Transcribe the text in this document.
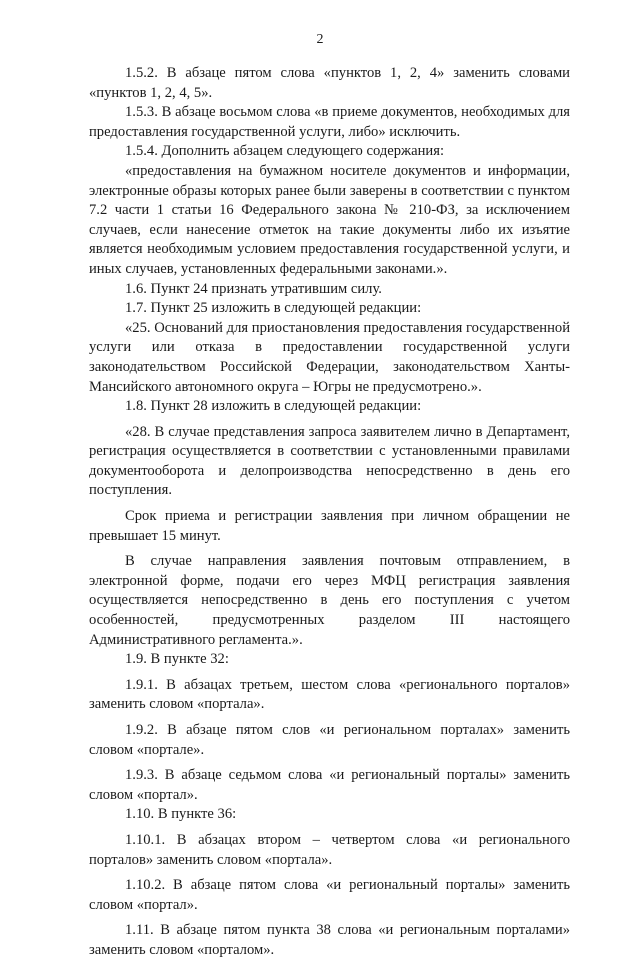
2

1.5.2. В абзаце пятом слова «пунктов 1, 2, 4» заменить словами «пунктов 1, 2, 4, 5».

1.5.3. В абзаце восьмом слова «в приеме документов, необходимых для предоставления государственной услуги, либо» исключить.

1.5.4. Дополнить абзацем следующего содержания:

«предоставления на бумажном носителе документов и информации, электронные образы которых ранее были заверены в соответствии с пунктом 7.2 части 1 статьи 16 Федерального закона № 210-ФЗ, за исключением случаев, если нанесение отметок на такие документы либо их изъятие является необходимым условием предоставления государственной услуги, и иных случаев, установленных федеральными законами.».

1.6. Пункт 24 признать утратившим силу.

1.7. Пункт 25 изложить в следующей редакции:

«25. Оснований для приостановления предоставления государственной услуги или отказа в предоставлении государственной услуги законодательством Российской Федерации, законодательством Ханты-Мансийского автономного округа – Югры не предусмотрено.».

1.8. Пункт 28 изложить в следующей редакции:

«28. В случае представления запроса заявителем лично в Департамент, регистрация осуществляется в соответствии с установленными правилами документооборота и делопроизводства непосредственно в день его поступления.

Срок приема и регистрации заявления при личном обращении не превышает 15 минут.

В случае направления заявления почтовым отправлением, в электронной форме, подачи его через МФЦ регистрация заявления осуществляется непосредственно в день его поступления с учетом особенностей, предусмотренных разделом III настоящего Административного регламента.».

1.9. В пункте 32:

1.9.1. В абзацах третьем, шестом слова «регионального порталов» заменить словом «портала».

1.9.2. В абзаце пятом слов «и региональном порталах» заменить словом «портале».

1.9.3. В абзаце седьмом слова «и региональный порталы» заменить словом «портал».

1.10. В пункте 36:

1.10.1. В абзацах втором – четвертом слова «и регионального порталов» заменить словом «портала».

1.10.2. В абзаце пятом слова «и региональный порталы» заменить словом «портал».

1.11. В абзаце пятом пункта 38 слова «и региональным порталами» заменить словом «порталом».
